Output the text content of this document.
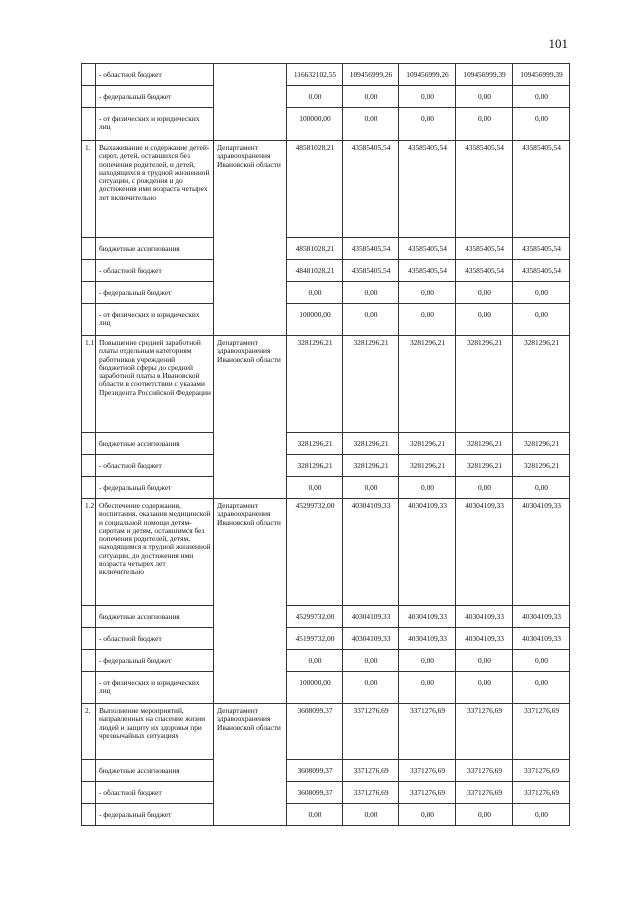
101
	- областной бюджет		116632102,55	109456999,26	109456999,26	109456999,39	109456999,39
	- федеральный бюджет		0,00	0,00	0,00	0,00	0,00
	- от физических и юридических лиц		100000,00	0,00	0,00	0,00	0,00
1.	Выхаживание и содержание детей-сирот, детей, оставшихся без попечения родителей, и детей, находящихся в трудной жизненной ситуации, с рождения и до достижения ими возраста четырех лет включительно	Департамент здравоохранения Ивановской области	48581028,21	43585405,54	43585405,54	43585405,54	43585405,54
	бюджетные ассигнования		48581028,21	43585405,54	43585405,54	43585405,54	43585405,54
	- областной бюджет		48481028,21	43585405,54	43585405,54	43585405,54	43585405,54
	- федеральный бюджет		0,00	0,00	0,00	0,00	0,00
	- от физических и юридических лиц		100000,00	0,00	0,00	0,00	0,00
1.1	Повышение средней заработной платы отдельным категориям работников учреждений бюджетной сферы до средней заработной платы в Ивановской области в соответствии с указами Президента Российской Федерации	Департамент здравоохранения Ивановской области	3281296,21	3281296,21	3281296,21	3281296,21	3281296,21
	бюджетные ассигнования		3281296,21	3281296,21	3281296,21	3281296,21	3281296,21
	- областной бюджет		3281296,21	3281296,21	3281296,21	3281296,21	3281296,21
	- федеральный бюджет		0,00	0,00	0,00	0,00	0,00
1.2	Обеспечение содержания, воспитания, оказания медицинской и социальной помощи детям-сиротам и детям, оставшимся без попечения родителей, детям, находящимся в трудной жизненной ситуации, до достижения ими возраста четырех лет включительно	Департамент здравоохранения Ивановской области	45299732,00	40304109,33	40304109,33	40304109,33	40304109,33
	бюджетные ассигнования		45299732,00	40304109,33	40304109,33	40304109,33	40304109,33
	- областной бюджет		45199732,00	40304109,33	40304109,33	40304109,33	40304109,33
	- федеральный бюджет		0,00	0,00	0,00	0,00	0,00
	- от физических и юридических лиц		100000,00	0,00	0,00	0,00	0,00
2.	Выполнение мероприятий, направленных на спасение жизни людей и защиту их здоровья при чрезвычайных ситуациях	Департамент здравоохранения Ивановской области	3608099,37	3371276,69	3371276,69	3371276,69	3371276,69
	бюджетные ассигнования		3608099,37	3371276,69	3371276,69	3371276,69	3371276,69
	- областной бюджет		3608099,37	3371276,69	3371276,69	3371276,69	3371276,69
	- федеральный бюджет		0,00	0,00	0,00	0,00	0,00
